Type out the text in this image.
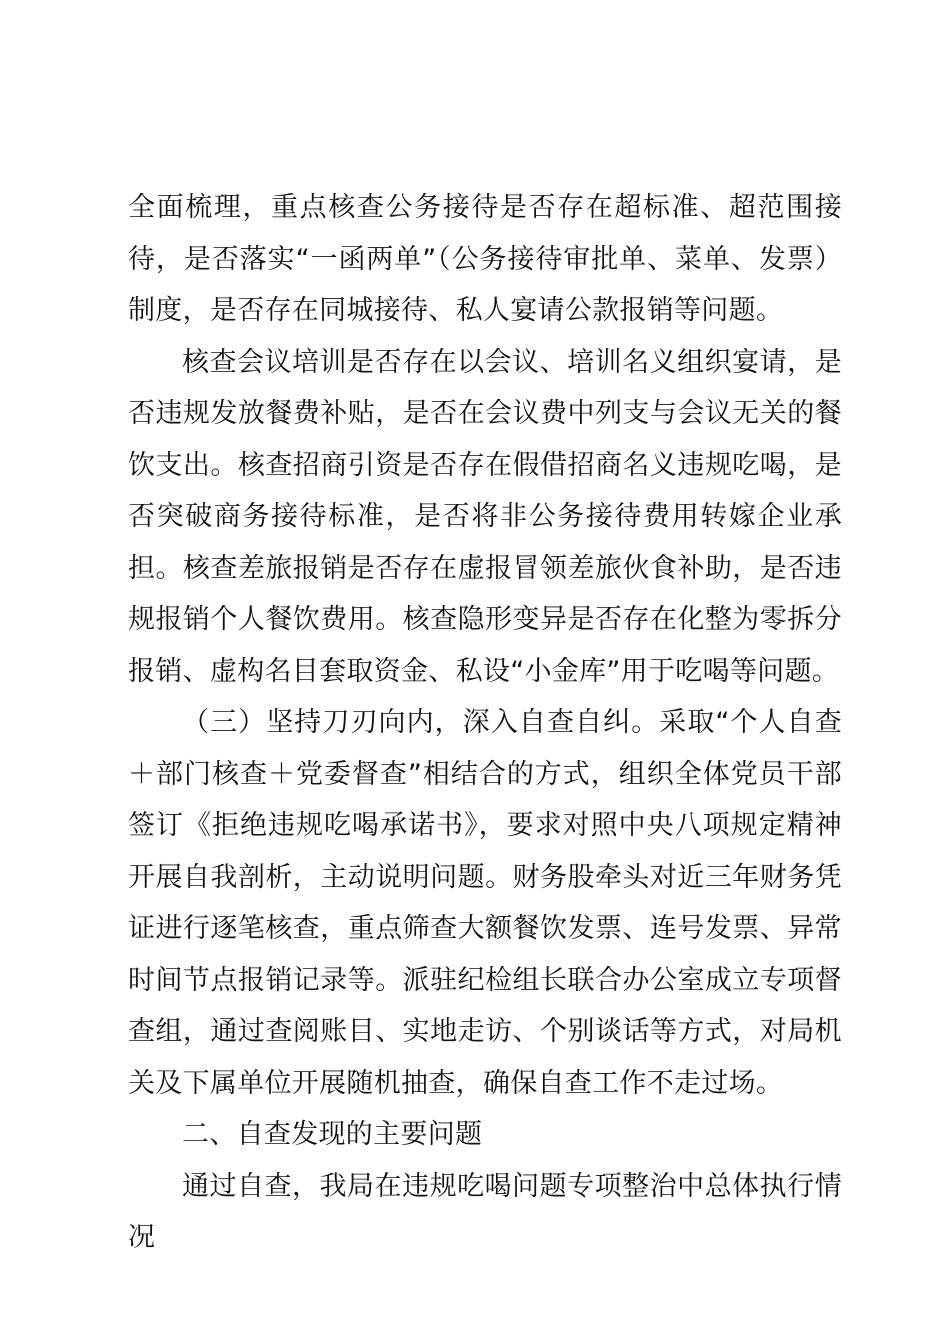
全面梳理，重点核查公务接待是否存在超标准、超范围接待，是否落实“一函两单”（公务接待审批单、菜单、发票）制度，是否存在同城接待、私人宴请公款报销等问题。

核查会议培训是否存在以会议、培训名义组织宴请，是否违规发放餐费补贴，是否在会议费中列支与会议无关的餐饮支出。核查招商引资是否存在假借招商名义违规吃喝，是否突破商务接待标准，是否将非公务接待费用转嫁企业承担。核查差旅报销是否存在虚报冒领差旅伙食补助，是否违规报销个人餐饮费用。核查隐形变异是否存在化整为零拆分报销、虚构名目套取资金、私设“小金库”用于吃喝等问题。

（三）坚持刀刃向内，深入自查自纠。采取“个人自查＋部门核查＋党委督查”相结合的方式，组织全体党员干部签订《拒绝违规吃喝承诺书》，要求对照中央八项规定精神开展自我剖析，主动说明问题。财务股牵头对近三年财务凭证进行逐笔核查，重点筛查大额餐饮发票、连号发票、异常时间节点报销记录等。派驻纪检组长联合办公室成立专项督查组，通过查阅账目、实地走访、个别谈话等方式，对局机关及下属单位开展随机抽查，确保自查工作不走过场。

二、自查发现的主要问题

通过自查，我局在违规吃喝问题专项整治中总体执行情况
